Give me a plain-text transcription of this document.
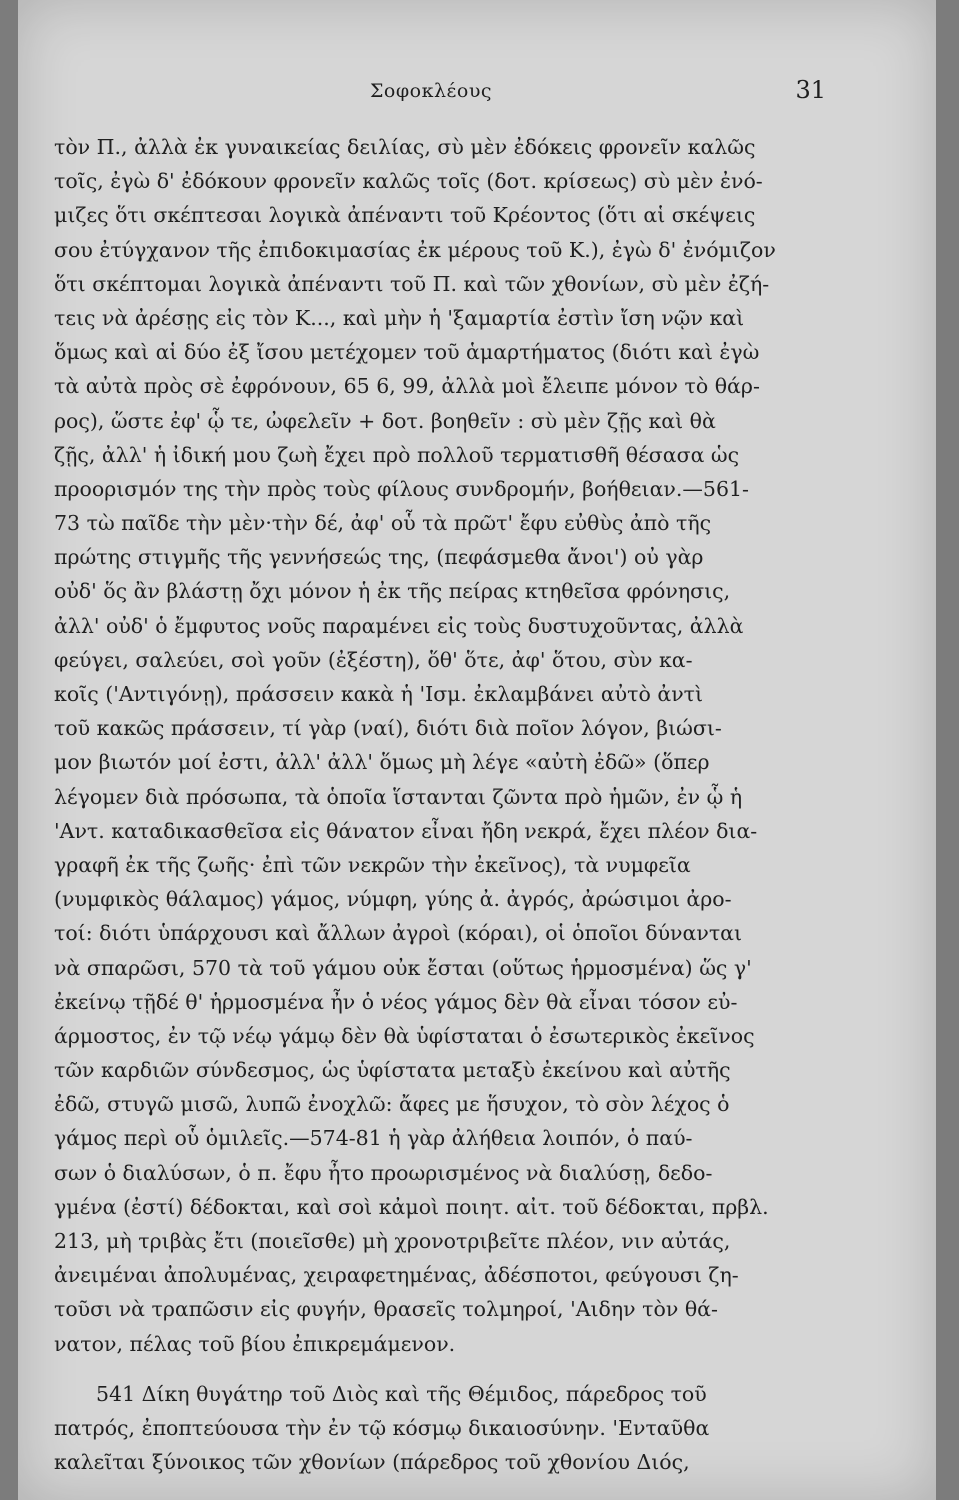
Σοφοκλέους	31
τὸν Π., ἀλλὰ ἐκ γυναικείας δειλίας, σὺ μὲν ἐδόκεις φρονεῖν καλῶς
τοῖς, ἐγὼ δ' ἐδόκουν φρονεῖν καλῶς τοῖς (δοτ. κρίσεως) σὺ μὲν ἐνό-
μιζες ὅτι σκέπτεσαι λογικὰ ἀπέναντι τοῦ Κρέοντος (ὅτι αἱ σκέψεις
σου ἐτύγχανον τῆς ἐπιδοκιμασίας ἐκ μέρους τοῦ Κ.), ἐγὼ δ' ἐνόμιζον
ὅτι σκέπτομαι λογικὰ ἀπέναντι τοῦ Π. καὶ τῶν χθονίων, σὺ μὲν ἐζή-
τεις νὰ ἀρέσῃς εἰς τὸν Κ..., καὶ μὴν ἡ 'ξαμαρτία ἐστὶν ἴση νῷν καὶ
ὅμως καὶ αἱ δύο ἐξ ἴσου μετέχομεν τοῦ ἁμαρτήματος (διότι καὶ ἐγὼ
τὰ αὐτὰ πρὸς σὲ ἐφρόνουν, 65 6, 99, ἀλλὰ μοὶ ἔλειπε μόνον τὸ θάρ-
ρος), ὥστε ἐφ' ᾧ τε, ὠφελεῖν + δοτ. βοηθεῖν : σὺ μὲν ζῇς καὶ θὰ
ζῇς, ἀλλ' ἡ ἰδική μου ζωὴ ἔχει πρὸ πολλοῦ τερματισθῆ θέσασα ὡς
προορισμόν της τὴν πρὸς τοὺς φίλους συνδρομήν, βοήθειαν.—561-
73 τὼ παῖδε τὴν μὲν·τὴν δέ, ἀφ' οὗ τὰ πρῶτ' ἔφυ εὐθὺς ἀπὸ τῆς
πρώτης στιγμῆς τῆς γεννήσεώς της, (πεφάσμεθα ἄνοι') οὐ γὰρ
οὐδ' ὅς ἂν βλάστῃ ὄχι μόνον ἡ ἐκ τῆς πείρας κτηθεῖσα φρόνησις,
ἀλλ' οὐδ' ὁ ἔμφυτος νοῦς παραμένει εἰς τοὺς δυστυχοῦντας, ἀλλὰ
φεύγει, σαλεύει, σοὶ γοῦν (ἐξέστη), ὅθ' ὅτε, ἀφ' ὅτου, σὺν κα-
κοῖς ('Αντιγόνῃ), πράσσειν κακὰ ἡ 'Ισμ. ἐκλαμβάνει αὐτὸ ἀντὶ
τοῦ κακῶς πράσσειν, τί γὰρ (ναί), διότι διὰ ποῖον λόγον, βιώσι-
μον βιωτόν μοί ἐστι, ἀλλ' ἀλλ' ὅμως μὴ λέγε «αὐτὴ ἐδῶ» (ὅπερ
λέγομεν διὰ πρόσωπα, τὰ ὁποῖα ἵστανται ζῶντα πρὸ ἡμῶν, ἐν ᾧ ἡ
'Αντ. καταδικασθεῖσα εἰς θάνατον εἶναι ἤδη νεκρά, ἔχει πλέον δια-
γραφῆ ἐκ τῆς ζωῆς· ἐπὶ τῶν νεκρῶν τὴν ἐκεῖνος), τὰ νυμφεῖα
(νυμφικὸς θάλαμος) γάμος, νύμφη, γύης ἀ. ἀγρός, ἀρώσιμοι ἀρο-
τοί: διότι ὑπάρχουσι καὶ ἄλλων ἀγροὶ (κόραι), οἱ ὁποῖοι δύνανται
νὰ σπαρῶσι, 570 τὰ τοῦ γάμου οὐκ ἔσται (οὕτως ἡρμοσμένα) ὥς γ'
ἐκείνῳ τῇδέ θ' ἡρμοσμένα ἦν ὁ νέος γάμος δὲν θὰ εἶναι τόσον εὐ-
άρμοστος, ἐν τῷ νέῳ γάμῳ δὲν θὰ ὑφίσταται ὁ ἐσωτερικὸς ἐκεῖνος
τῶν καρδιῶν σύνδεσμος, ὡς ὑφίστατα μεταξὺ ἐκείνου καὶ αὐτῆς
ἐδῶ, στυγῶ μισῶ, λυπῶ ἐνοχλῶ: ἄφες με ἥσυχον, τὸ σὸν λέχος ὁ
γάμος περὶ οὗ ὁμιλεῖς.—574-81 ἡ γὰρ ἀλήθεια λοιπόν, ὁ παύ-
σων ὁ διαλύσων, ὁ π. ἔφυ ἦτο προωρισμένος νὰ διαλύσῃ, δεδο-
γμένα (ἐστί) δέδοκται, καὶ σοὶ κἀμοὶ ποιητ. αἰτ. τοῦ δέδοκται, πρβλ.
213, μὴ τριβὰς ἔτι (ποιεῖσθε) μὴ χρονοτριβεῖτε πλέον, νιν αὐτάς,
ἀνειμέναι ἀπολυμένας, χειραφετημένας, ἀδέσποτοι, φεύγουσι ζη-
τοῦσι νὰ τραπῶσιν εἰς φυγήν, θρασεῖς τολμηροί, 'Αιδην τὸν θά-
νατον, πέλας τοῦ βίου ἐπικρεμάμενον.
541 Δίκη θυγάτηρ τοῦ Διὸς καὶ τῆς Θέμιδος, πάρεδρος τοῦ
πατρός, ἐποπτεύουσα τὴν ἐν τῷ κόσμῳ δικαιοσύνην. 'Ενταῦθα
καλεῖται ξύνοικος τῶν χθονίων (πάρεδρος τοῦ χθονίου Διός,
